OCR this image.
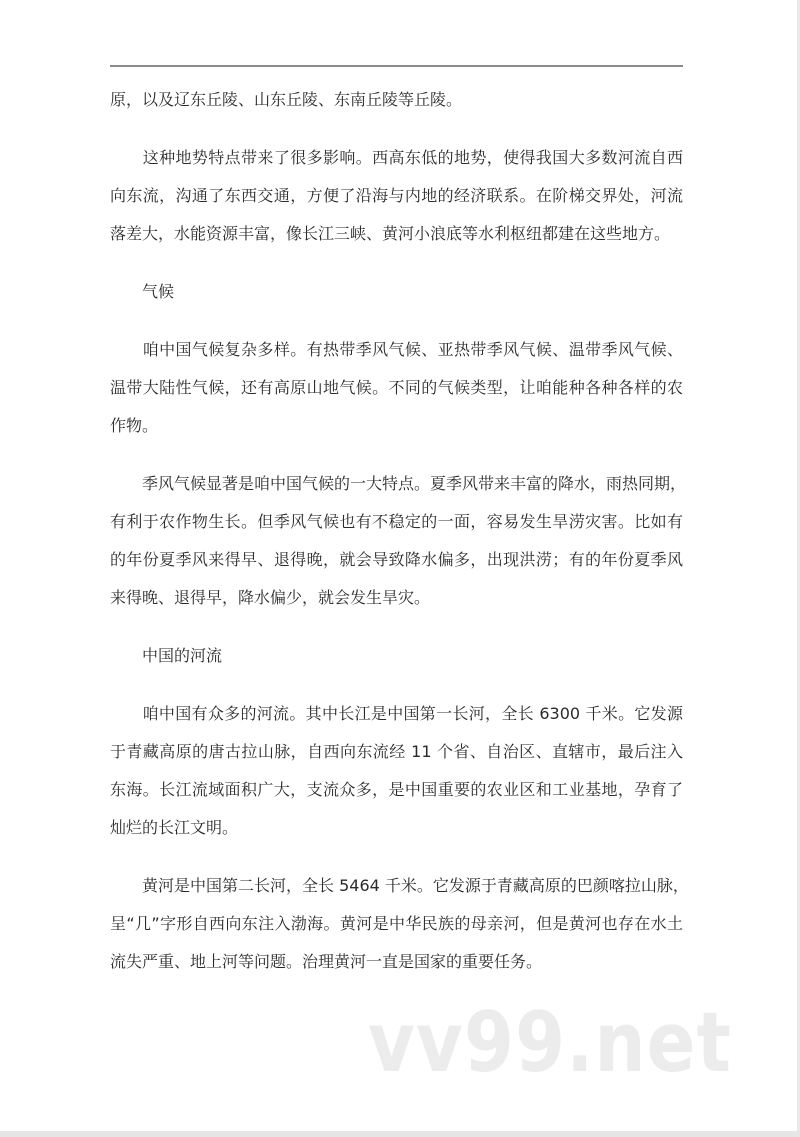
原，以及辽东丘陵、山东丘陵、东南丘陵等丘陵。
　　这种地势特点带来了很多影响。西高东低的地势，使得我国大多数河流自西
向东流，沟通了东西交通，方便了沿海与内地的经济联系。在阶梯交界处，河流
落差大，水能资源丰富，像长江三峡、黄河小浪底等水利枢纽都建在这些地方。
　　气候
　　咱中国气候复杂多样。有热带季风气候、亚热带季风气候、温带季风气候、
温带大陆性气候，还有高原山地气候。不同的气候类型，让咱能种各种各样的农
作物。
　　季风气候显著是咱中国气候的一大特点。夏季风带来丰富的降水，雨热同期，
有利于农作物生长。但季风气候也有不稳定的一面，容易发生旱涝灾害。比如有
的年份夏季风来得早、退得晚，就会导致降水偏多，出现洪涝；有的年份夏季风
来得晚、退得早，降水偏少，就会发生旱灾。
　　中国的河流
　　咱中国有众多的河流。其中长江是中国第一长河，全长 6300 千米。它发源
于青藏高原的唐古拉山脉，自西向东流经 11 个省、自治区、直辖市，最后注入
东海。长江流域面积广大，支流众多，是中国重要的农业区和工业基地，孕育了
灿烂的长江文明。
　　黄河是中国第二长河，全长 5464 千米。它发源于青藏高原的巴颜喀拉山脉，
呈“几”字形自西向东注入渤海。黄河是中华民族的母亲河，但是黄河也存在水土
流失严重、地上河等问题。治理黄河一直是国家的重要任务。
vv99.net
